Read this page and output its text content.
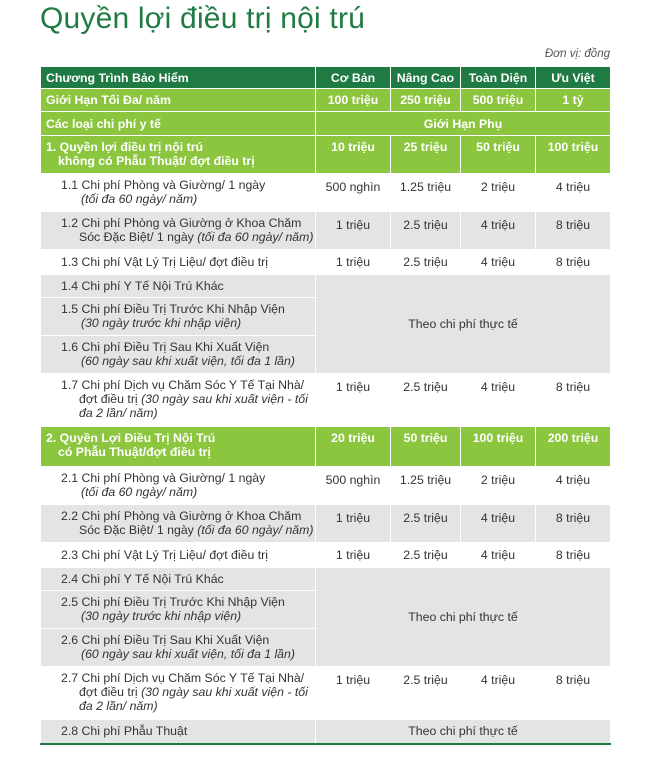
Quyền lợi điều trị nội trú
Đơn vị: đồng
Chương Trình Bảo Hiểm	Cơ Bản	Nâng Cao	Toàn Diện	Ưu Việt
Giới Hạn Tối Đa/ năm	100 triệu	250 triệu	500 triệu	1 tỷ
Các loại chi phí y tế	Giới Hạn Phụ			

1. Quyền lợi điều trị nội trú
không có Phẫu Thuật/ đợt điều trị	10 triệu	25 triệu	50 triệu	100 triệu

1.1 Chi phí Phòng và Giường/ 1 ngày
(tối đa 60 ngày/ năm)	500 nghìn	1.25 triệu	2 triệu	4 triệu

1.2 Chi phí Phòng và Giường ở Khoa Chăm
Sóc Đặc Biệt/ 1 ngày (tối đa 60 ngày/ năm)	1 triệu	2.5 triệu	4 triệu	8 triệu

1.3 Chi phí Vật Lý Trị Liệu/ đợt điều trị	1 triệu	2.5 triệu	4 triệu	8 triệu

1.4 Chi phí Y Tế Nội Trú Khác	Theo chi phí thực tế			

1.5 Chi phí Điều Trị Trước Khi Nhập Viện
(30 ngày trước khi nhập viện)				

1.6 Chi phí Điều Trị Sau Khi Xuất Viện
(60 ngày sau khi xuất viện, tối đa 1 lần)				

1.7 Chi phí Dịch vụ Chăm Sóc Y Tế Tại Nhà/
đợt điều trị (30 ngày sau khi xuất viện - tối
đa 2 lần/ năm)	1 triệu	2.5 triệu	4 triệu	8 triệu

2. Quyền Lợi Điều Trị Nội Trú
có Phẫu Thuật/đợt điều trị	20 triệu	50 triệu	100 triệu	200 triệu

2.1 Chi phí Phòng và Giường/ 1 ngày
(tối đa 60 ngày/ năm)	500 nghìn	1.25 triệu	2 triệu	4 triệu

2.2 Chi phí Phòng và Giường ở Khoa Chăm
Sóc Đặc Biệt/ 1 ngày (tối đa 60 ngày/ năm)	1 triệu	2.5 triệu	4 triệu	8 triệu

2.3 Chi phí Vật Lý Trị Liệu/ đợt điều trị	1 triệu	2.5 triệu	4 triệu	8 triệu

2.4 Chi phí Y Tế Nội Trú Khác	Theo chi phí thực tế			

2.5 Chi phí Điều Trị Trước Khi Nhập Viện
(30 ngày trước khi nhập viện)				

2.6 Chi phí Điều Trị Sau Khi Xuất Viện
(60 ngày sau khi xuất viện, tối đa 1 lần)				

2.7 Chi phí Dịch vụ Chăm Sóc Y Tế Tại Nhà/
đợt điều trị (30 ngày sau khi xuất viện - tối
đa 2 lần/ năm)	1 triệu	2.5 triệu	4 triệu	8 triệu

2.8 Chi phí Phẫu Thuật	Theo chi phí thực tế			
